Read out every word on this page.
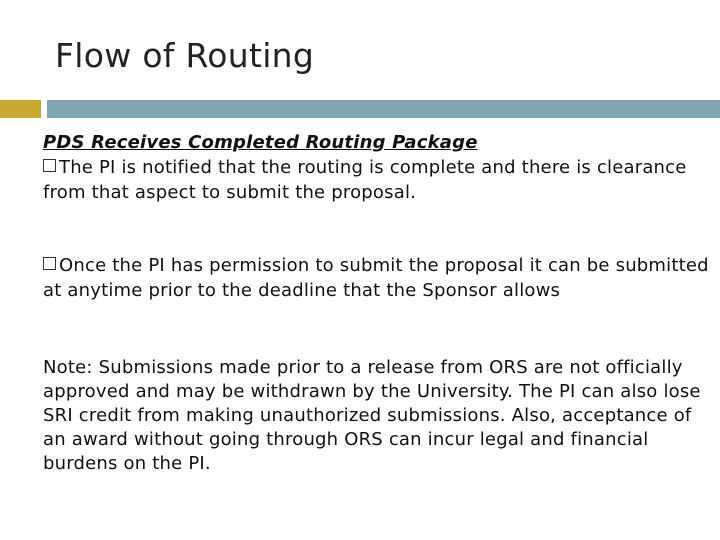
Flow of Routing
PDS Receives Completed Routing Package

The PI is notified that the routing is complete and there is clearance from that aspect to submit the proposal.

Once the PI has permission to submit the proposal it can be submitted at anytime prior to the deadline that the Sponsor allows

Note: Submissions made prior to a release from ORS are not officially approved and may be withdrawn by the University. The PI can also lose SRI credit from making unauthorized submissions. Also, acceptance of an award without going through ORS can incur legal and financial burdens on the PI.
